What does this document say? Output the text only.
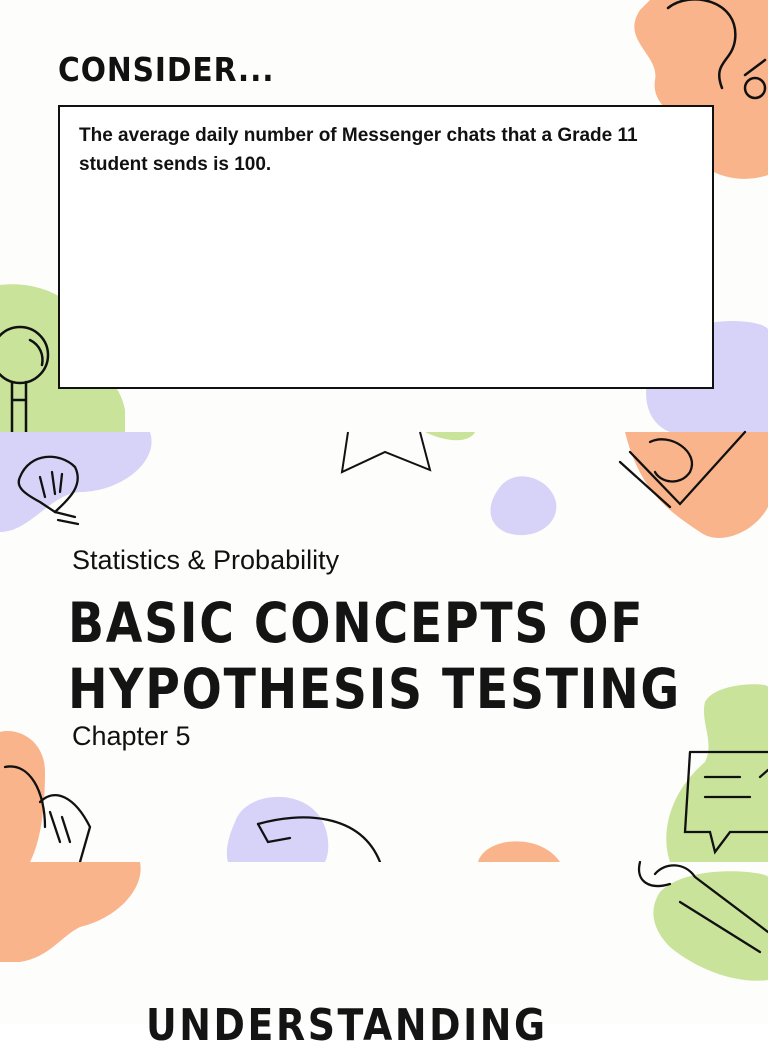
CONSIDER...

The average daily number of Messenger chats that a Grade 11 student sends is 100.

Statistics & Probability

BASIC CONCEPTS OF
HYPOTHESIS TESTING

Chapter 5

UNDERSTANDING
